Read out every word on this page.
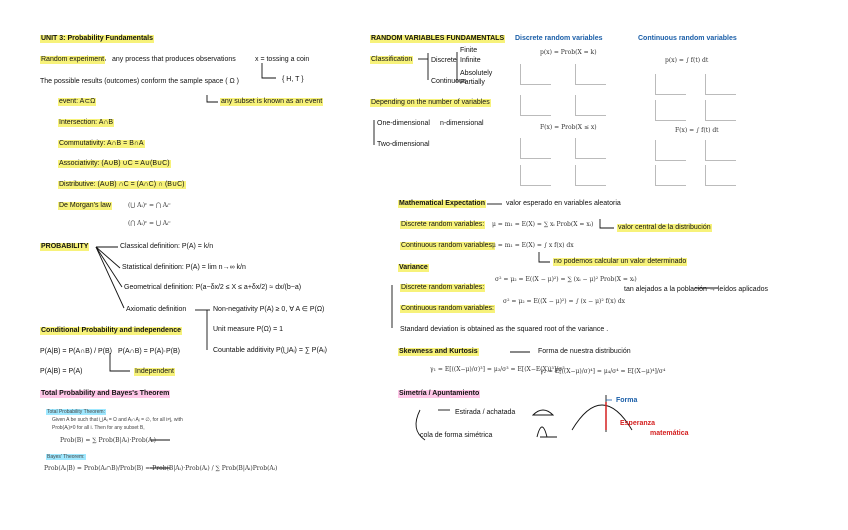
UNIT 3: Probability Fundamentals
Random experiment any process that produces observations	x = tossing a coin
{ H, T }
The possible results (outcomes) conform the sample space ( Ω )
event: A⊂Ω	any subset is known as an event
Intersection: A∩B
Commutativity: A∩B = B∩A
Associativity: (A∪B) ∪C = A∪(B∪C)
Distributive: (A∪B) ∩C = (A∩C) ∩ (B∪C)
De Morgan's law	(⋃ Aᵢ)ᶜ = ⋂ Aᵢᶜ
(⋂ Aᵢ)ᶜ = ⋃ Aᵢᶜ
PROBABILITY	Classical definition: P(A) = k/n
Statistical definition: P(A) = lim n→∞ k/n
Geometrical definition: P(a−δx/2 ≤ X ≤ a+δx/2) ≈ dx/(b−a)
Axiomatic definition	Non-negativity P(A) ≥ 0, ∀ A ∈ P(Ω)
Unit measure P(Ω) = 1
Countable additivity P(⋃Aᵢ) = ∑ P(Aᵢ)
Conditional Probability and independence
P(A|B) = P(A∩B) / P(B) P(A∩B) = P(A)·P(B)
P(A|B) = P(A)	Independent
Total Probability and Bayes's Theorem
Total Probability Theorem:
Given A be such that ⋃Aᵢ = Ω and Aᵢ∩Aⱼ = ∅, for all i≠j, with
Prob(Aᵢ)≠0 for all i. Then for any subset B,
Prob(B) = ∑ Prob(B|Aᵢ)·Prob(Aᵢ)
Bayes' Theorem:
Prob(Aᵢ|B) = Prob(Aᵢ∩B)/Prob(B) = Prob(B|Aᵢ)·Prob(Aᵢ) / ∑ Prob(B|Aᵢ)Prob(Aᵢ)
RANDOM VARIABLES FUNDAMENTALS
Classification	Discrete
Finite
Infinite
Continuous
Absolutely
Partially
Depending on the number of variables
One-dimensional n-dimensional
Two-dimensional
Discrete random variables	Continuous random variables
p(x) = Prob(X = k)
F(x) = Prob(X ≤ x)
p(x) = ∫ f(t) dt
F(x) = ∫ f(t) dt
Mathematical Expectation	valor esperado en variables aleatoria
Discrete random variables: μ = m₁ = E(X) = ∑ xᵢ Prob(X = xᵢ)	valor central de la distribución
Continuous random variables:
μ = m₁ = E(X) = ∫ x f(x) dx
no podemos calcular un valor determinado
Variance
Discrete random variables:
σ² = μ₂ = E((X − μ)²) = ∑ (xᵢ − μ)² Prob(X = xᵢ)
tan alejados a la población → leídos aplicados
Continuous random variables:
σ² = μ₂ = E((X − μ)²) = ∫ (x − μ)² f(x) dx
Standard deviation is obtained as the squared root of the variance .
Skewness and Kurtosis	Forma de nuestra distribución
γ₁ = E[((X−μ)/σ)³] = μ₃/σ³ = E[(X−E(X))³]/σ³
γ₂ = E[((X−μ)/σ)⁴] = μ₄/σ⁴ = E[(X−μ)⁴]/σ⁴
Simetría / Apuntamiento
Estirada / achatada
cola de forma simétrica
Forma
Esperanza
matemática
